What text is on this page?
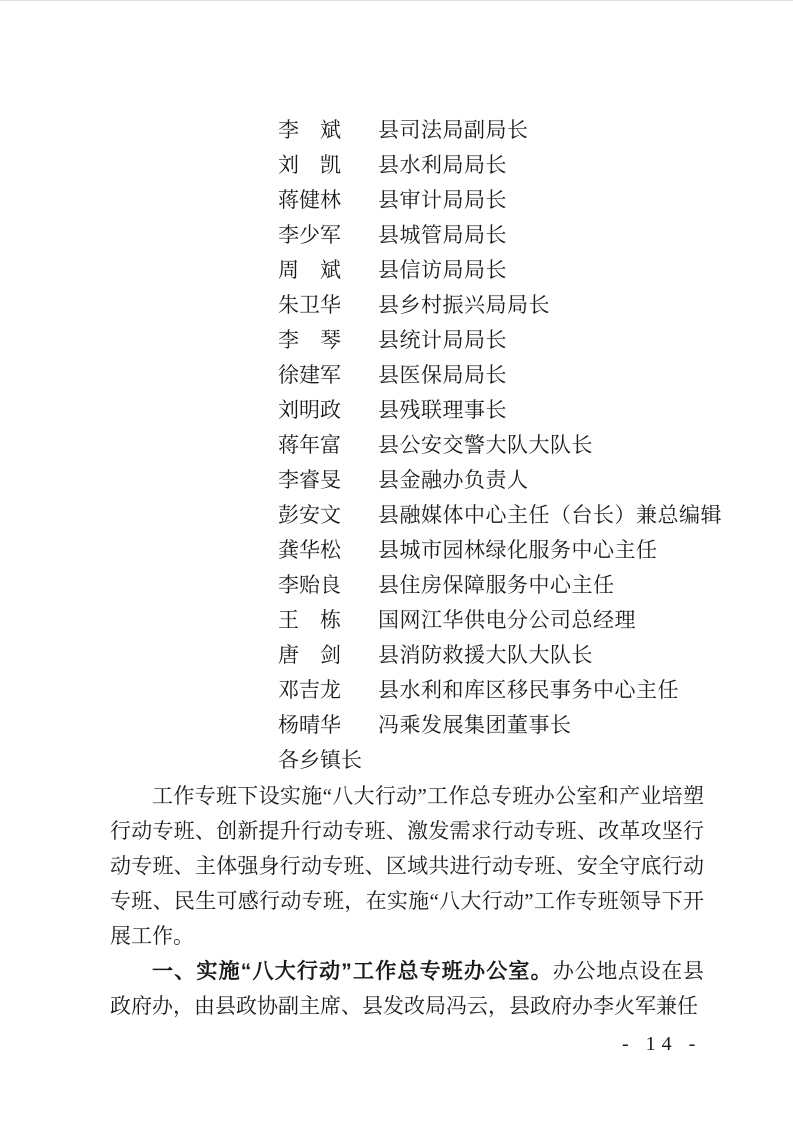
李　斌	县司法局副局长
刘　凯	县水利局局长
蒋健林	县审计局局长
李少军	县城管局局长
周　斌	县信访局局长
朱卫华	县乡村振兴局局长
李　琴	县统计局局长
徐建军	县医保局局长
刘明政	县残联理事长
蒋年富	县公安交警大队大队长
李睿旻	县金融办负责人
彭安文	县融媒体中心主任（台长）兼总编辑
龚华松	县城市园林绿化服务中心主任
李贻良	县住房保障服务中心主任
王　栋	国网江华供电分公司总经理
唐　剑	县消防救援大队大队长
邓吉龙	县水利和库区移民事务中心主任
杨晴华	冯乘发展集团董事长
各乡镇长

工作专班下设实施“八大行动”工作总专班办公室和产业培塑行动专班、创新提升行动专班、激发需求行动专班、改革攻坚行动专班、主体强身行动专班、区域共进行动专班、安全守底行动专班、民生可感行动专班，在实施“八大行动”工作专班领导下开展工作。

一、实施“八大行动”工作总专班办公室。办公地点设在县政府办，由县政协副主席、县发改局冯云，县政府办李火军兼任

- 14 -
